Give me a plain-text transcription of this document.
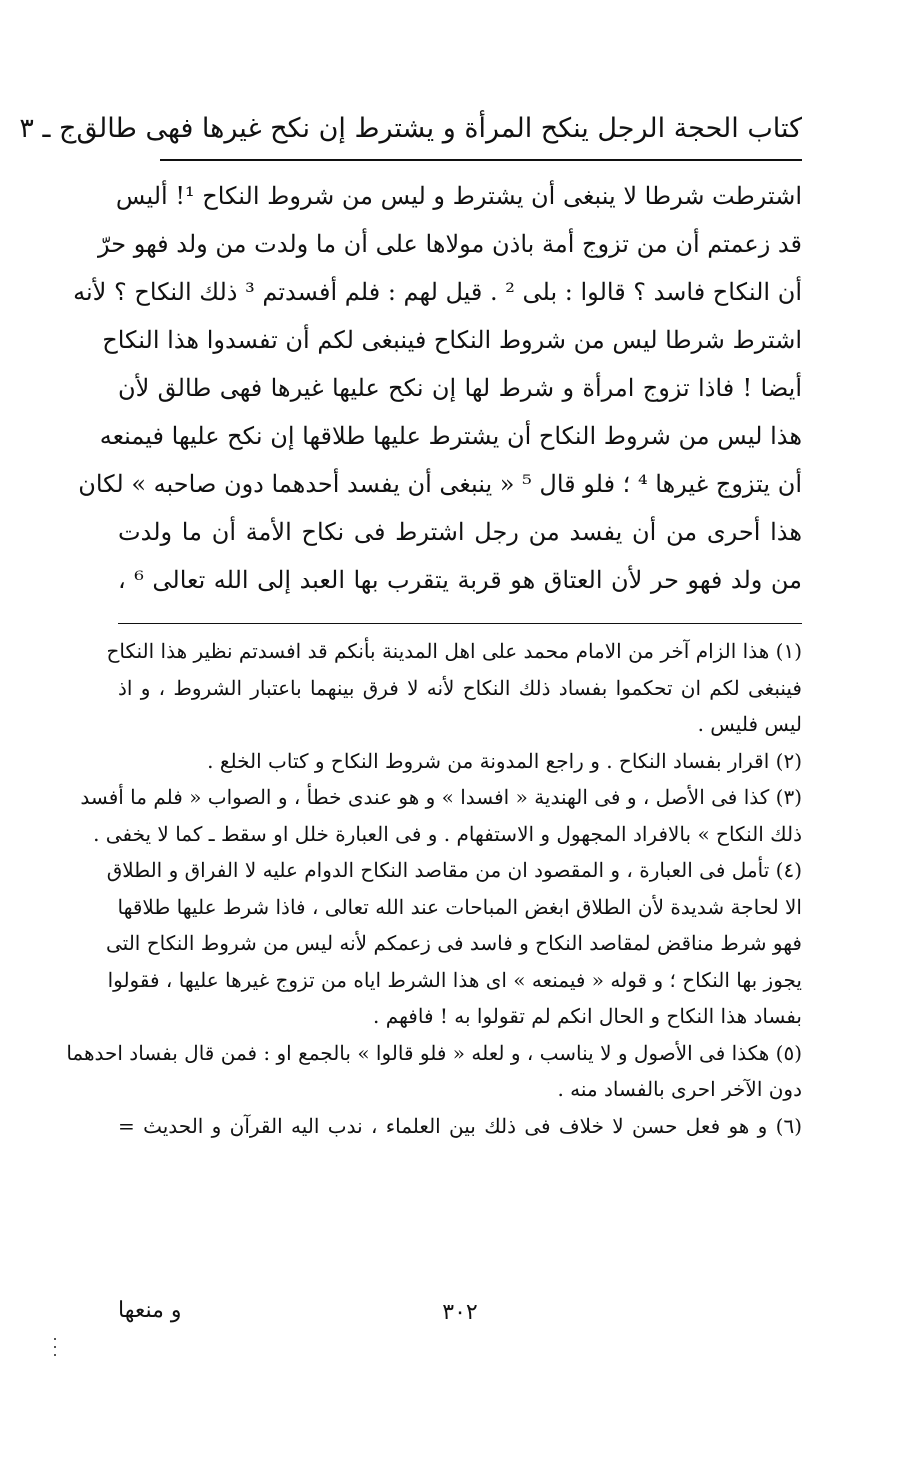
كتاب الحجة الرجل ينكح المرأة و يشترط إن نكح غيرها فهى طالق
ج ـ ٣
اشترطت شرطا لا ينبغى أن يشترط و ليس من شروط النكاح ¹! أليس
قد زعمتم أن من تزوج أمة باذن مولاها على أن ما ولدت من ولد فهو حرّ
أن النكاح فاسد ؟ قالوا : بلى ² . قيل لهم : فلم أفسدتم ³ ذلك النكاح ؟ لأنه
اشترط شرطا ليس من شروط النكاح فينبغى لكم أن تفسدوا هذا النكاح
أيضا ! فاذا تزوج امرأة و شرط لها إن نكح عليها غيرها فهى طالق لأن
هذا ليس من شروط النكاح أن يشترط عليها طلاقها إن نكح عليها فيمنعه
أن يتزوج غيرها ⁴ ؛ فلو قال ⁵ « ينبغى أن يفسد أحدهما دون صاحبه » لكان
هذا أحرى من أن يفسد من رجل اشترط فى نكاح الأمة أن ما ولدت
من ولد فهو حر لأن العتاق هو قربة يتقرب بها العبد إلى الله تعالى ⁶ ،
(١) هذا الزام آخر من الامام محمد على اهل المدينة بأنكم قد افسدتم نظير هذا النكاح
فينبغى لكم ان تحكموا بفساد ذلك النكاح لأنه لا فرق بينهما باعتبار الشروط ، و اذ
ليس فليس .
(٢) اقرار بفساد النكاح . و راجع المدونة من شروط النكاح و كتاب الخلع .
(٣) كذا فى الأصل ، و فى الهندية « افسدا » و هو عندى خطأ ، و الصواب « فلم ما أفسد
ذلك النكاح » بالافراد المجهول و الاستفهام . و فى العبارة خلل او سقط ـ كما لا يخفى .
(٤) تأمل فى العبارة ، و المقصود ان من مقاصد النكاح الدوام عليه لا الفراق و الطلاق
الا لحاجة شديدة لأن الطلاق ابغض المباحات عند الله تعالى ، فاذا شرط عليها طلاقها
فهو شرط مناقض لمقاصد النكاح و فاسد فى زعمكم لأنه ليس من شروط النكاح التى
يجوز بها النكاح ؛ و قوله « فيمنعه » اى هذا الشرط اياه من تزوج غيرها عليها ، فقولوا
بفساد هذا النكاح و الحال انكم لم تقولوا به ! فافهم .
(٥) هكذا فى الأصول و لا يناسب ، و لعله « فلو قالوا » بالجمع او : فمن قال بفساد احدهما
دون الآخر احرى بالفساد منه .
(٦) و هو فعل حسن لا خلاف فى ذلك بين العلماء ، ندب اليه القرآن و الحديث =
٣٠٢
و منعها
